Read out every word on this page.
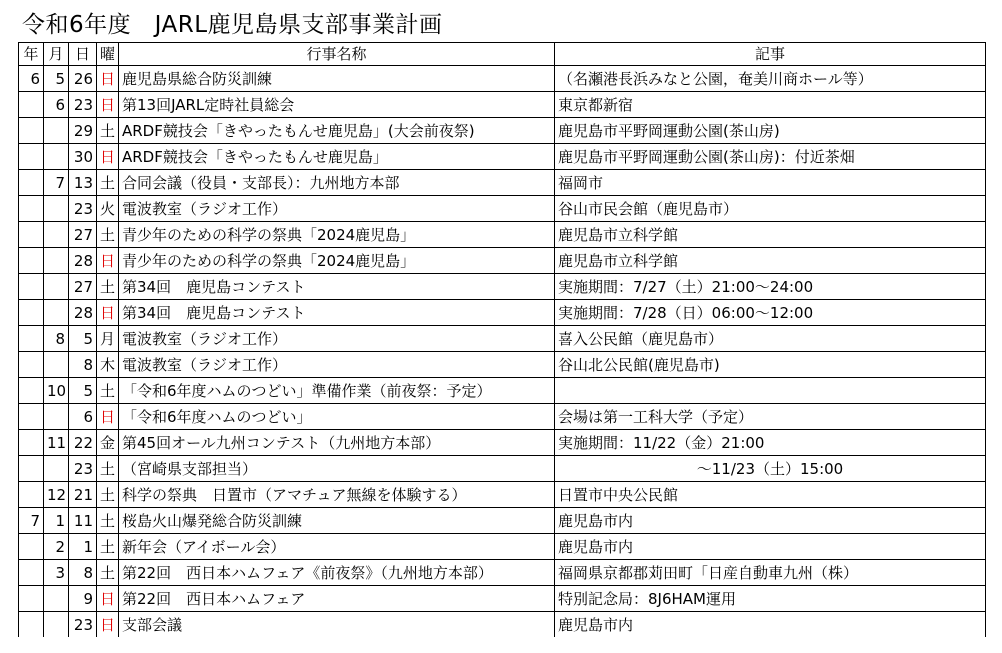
令和6年度　JARL鹿児島県支部事業計画
年	月	日	曜	行事名称	記事
6	5	26	日	鹿児島県総合防災訓練	（名瀬港長浜みなと公園，奄美川商ホール等）
	6	23	日	第13回JARL定時社員総会	東京都新宿
		29	土	ARDF競技会「きやったもんせ鹿児島」(大会前夜祭)	鹿児島市平野岡運動公園(茶山房)
		30	日	ARDF競技会「きやったもんせ鹿児島」	鹿児島市平野岡運動公園(茶山房)：付近茶畑
	7	13	土	合同会議（役員・支部長）：九州地方本部	福岡市
		23	火	電波教室（ラジオ工作）	谷山市民会館（鹿児島市）
		27	土	青少年のための科学の祭典「2024鹿児島」	鹿児島市立科学館
		28	日	青少年のための科学の祭典「2024鹿児島」	鹿児島市立科学館
		27	土	第34回　鹿児島コンテスト	実施期間：7/27（土）21:00～24:00
		28	日	第34回　鹿児島コンテスト	実施期間：7/28（日）06:00～12:00
	8	5	月	電波教室（ラジオ工作）	喜入公民館（鹿児島市）
		8	木	電波教室（ラジオ工作）	谷山北公民館(鹿児島市)
	10	5	土	「令和6年度ハムのつどい」準備作業（前夜祭：予定）	
		6	日	「令和6年度ハムのつどい」	会場は第一工科大学（予定）
	11	22	金	第45回オール九州コンテスト（九州地方本部）	実施期間：11/22（金）21:00
		23	土	（宮崎県支部担当）	～11/23（土）15:00
	12	21	土	科学の祭典　日置市（アマチュア無線を体験する）	日置市中央公民館
7	1	11	土	桜島火山爆発総合防災訓練	鹿児島市内
	2	1	土	新年会（アイボール会）	鹿児島市内
	3	8	土	第22回　西日本ハムフェア《前夜祭》（九州地方本部）	福岡県京都郡苅田町「日産自動車九州（株）
		9	日	第22回　西日本ハムフェア	特別記念局：8J6HAM運用
		23	日	支部会議	鹿児島市内
